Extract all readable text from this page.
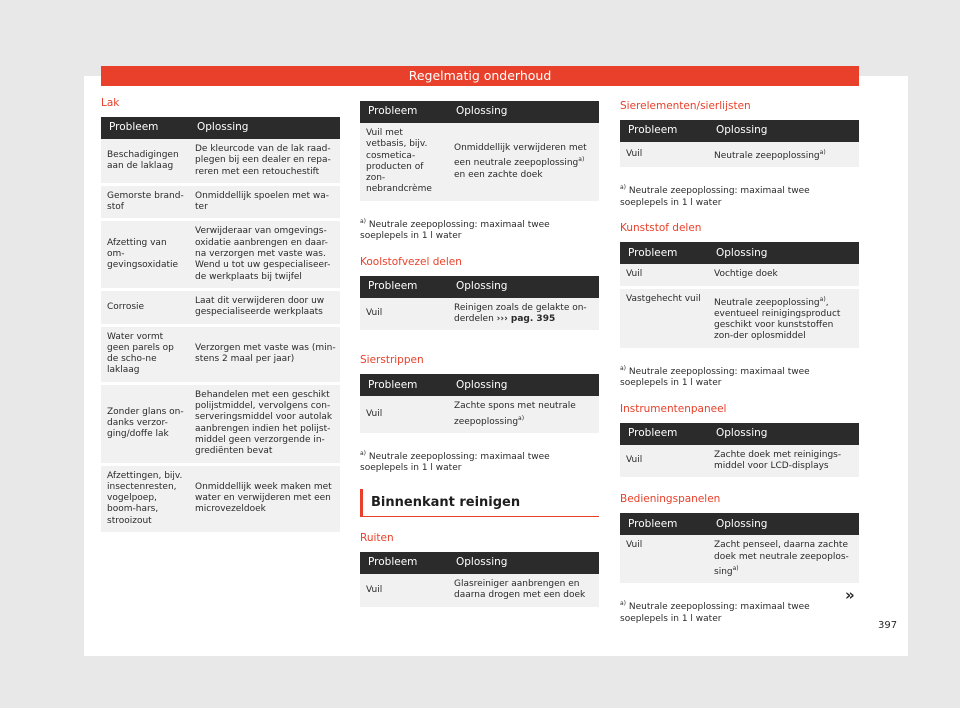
Regelmatig onderhoud
Lak
Probleem	Oplossing
Beschadigingen aan de laklaag	De kleurcode van de lak raad-plegen bij een dealer en repa-reren met een retouchestift
Gemorste brand-stof	Onmiddellijk spoelen met wa-ter
Afzetting van om-gevingsoxidatie	Verwijderaar van omgevings-oxidatie aanbrengen en daar-na verzorgen met vaste was. Wend u tot uw gespecialiseer-de werkplaats bij twijfel
Corrosie	Laat dit verwijderen door uw gespecialiseerde werkplaats
Water vormt geen parels op de scho-ne laklaag	Verzorgen met vaste was (min-stens 2 maal per jaar)
Zonder glans on-danks verzor-ging/doffe lak	Behandelen met een geschikt polijstmiddel, vervolgens con-serveringsmiddel voor autolak aanbrengen indien het polijst-middel geen verzorgende in-grediënten bevat
Afzettingen, bijv. insectenresten, vogelpoep, boom-hars, strooizout	Onmiddellijk week maken met water en verwijderen met een microvezeldoek
Probleem	Oplossing
Vuil met vetbasis, bijv. cosmetica-producten of zon-nebrandcrème	Onmiddellijk verwijderen met een neutrale zeepoplossing$^{a)}$ en een zachte doek
$^{a)}$ Neutrale zeepoplossing: maximaal twee soeplepels in 1 l water
Koolstofvezel delen
Probleem	Oplossing
Vuil	Reinigen zoals de gelakte on-derdelen ››› pag. 395
Sierstrippen
Probleem	Oplossing
Vuil	Zachte spons met neutrale zeepoplossing$^{a)}$
$^{a)}$ Neutrale zeepoplossing: maximaal twee soeplepels in 1 l water
Binnenkant reinigen
Ruiten
Probleem	Oplossing
Vuil	Glasreiniger aanbrengen en daarna drogen met een doek
Sierelementen/sierlijsten
Probleem	Oplossing
Vuil	Neutrale zeepoplossing$^{a)}$
$^{a)}$ Neutrale zeepoplossing: maximaal twee soeplepels in 1 l water
Kunststof delen
Probleem	Oplossing
Vuil	Vochtige doek
Vastgehecht vuil	Neutrale zeepoplossing$^{a)}$, eventueel reinigingsproduct geschikt voor kunststoffen zon-der oplosmiddel
$^{a)}$ Neutrale zeepoplossing: maximaal twee soeplepels in 1 l water
Instrumentenpaneel
Probleem	Oplossing
Vuil	Zachte doek met reinigings-middel voor LCD-displays
Bedieningspanelen
Probleem	Oplossing
Vuil	Zacht penseel, daarna zachte doek met neutrale zeepoplos-sing$^{a)}$
$^{a)}$ Neutrale zeepoplossing: maximaal twee soeplepels in 1 l water
»
397
